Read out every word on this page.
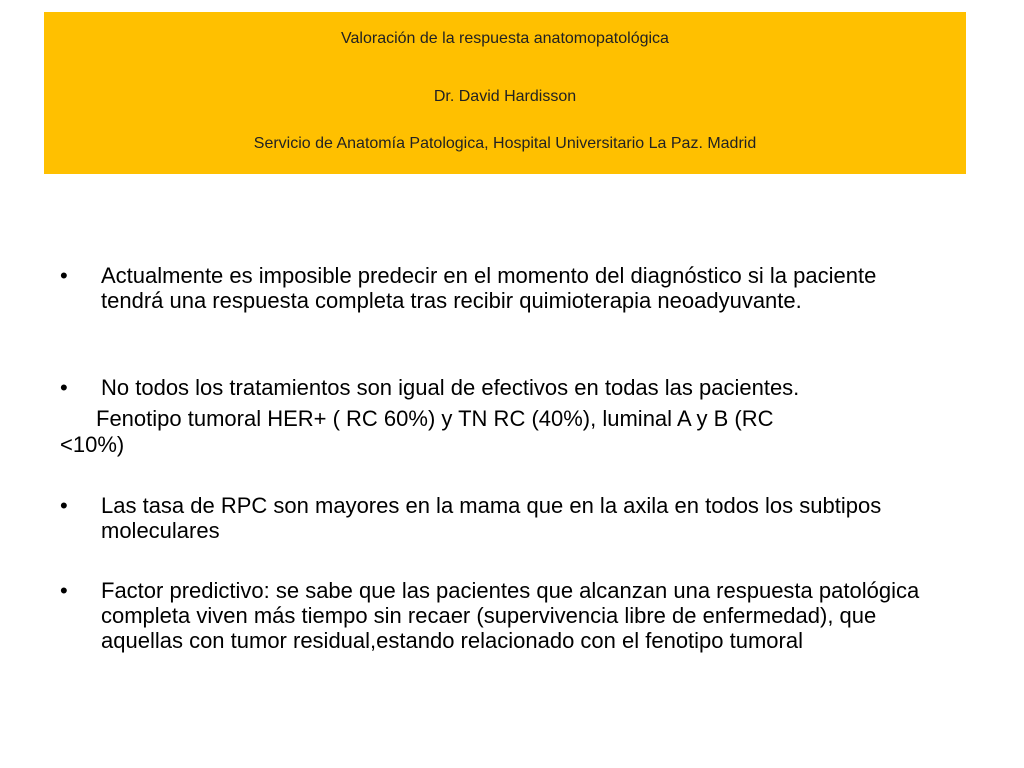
Valoración de la respuesta anatomopatológica
Dr. David Hardisson
Servicio de Anatomía Patologica, Hospital Universitario La Paz. Madrid
• Actualmente es imposible predecir en el momento del diagnóstico si la paciente tendrá una respuesta completa tras recibir quimioterapia neoadyuvante.
• No todos los tratamientos son igual de efectivos en todas las pacientes.
Fenotipo tumoral HER+ ( RC 60%) y TN RC (40%), luminal A y B (RC
<10%)
• Las tasa de RPC son mayores en la mama que en la axila en todos los subtipos moleculares
• Factor predictivo: se sabe que las pacientes que alcanzan una respuesta patológica completa viven más tiempo sin recaer (supervivencia libre de enfermedad), que aquellas con tumor residual,estando relacionado con el fenotipo tumoral
